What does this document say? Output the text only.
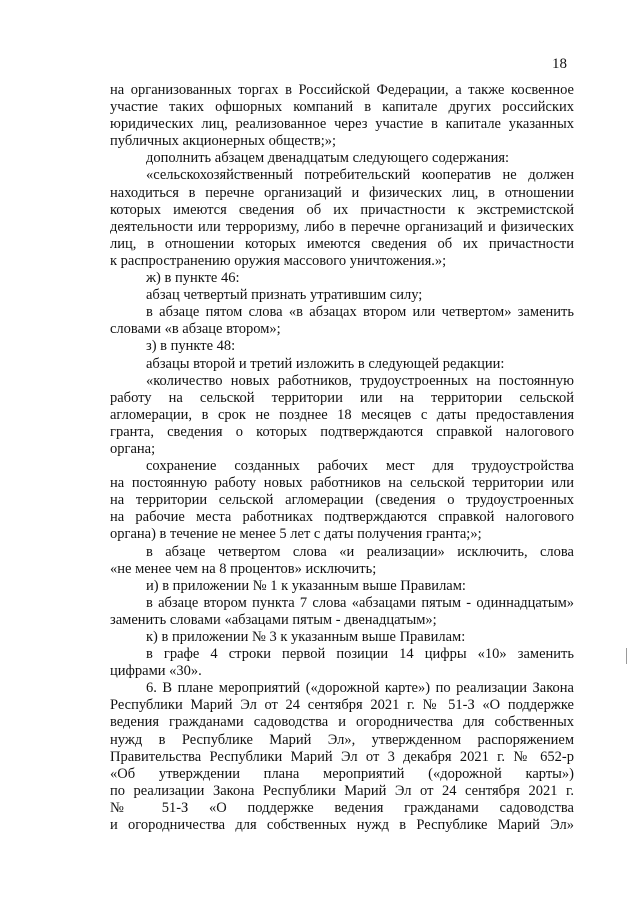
18
на организованных торгах в Российской Федерации, а также косвенное
участие таких офшорных компаний в капитале других российских
юридических лиц, реализованное через участие в капитале указанных
публичных акционерных обществ;»;
дополнить абзацем двенадцатым следующего содержания:
«сельскохозяйственный потребительский кооператив не должен
находиться в перечне организаций и физических лиц, в отношении
которых имеются сведения об их причастности к экстремистской
деятельности или терроризму, либо в перечне организаций и физических
лиц, в отношении которых имеются сведения об их причастности
к распространению оружия массового уничтожения.»;
ж) в пункте 46:
абзац четвертый признать утратившим силу;
в абзаце пятом слова «в абзацах втором или четвертом» заменить
словами «в абзаце втором»;
з) в пункте 48:
абзацы второй и третий изложить в следующей редакции:
«количество новых работников, трудоустроенных на постоянную
работу на сельской территории или на территории сельской
агломерации, в срок не позднее 18 месяцев с даты предоставления
гранта, сведения о которых подтверждаются справкой налогового
органа;
сохранение созданных рабочих мест для трудоустройства
на постоянную работу новых работников на сельской территории или
на территории сельской агломерации (сведения о трудоустроенных
на рабочие места работниках подтверждаются справкой налогового
органа) в течение не менее 5 лет с даты получения гранта;»;
в абзаце четвертом слова «и реализации» исключить, слова
«не менее чем на 8 процентов» исключить;
и) в приложении № 1 к указанным выше Правилам:
в абзаце втором пункта 7 слова «абзацами пятым - одиннадцатым»
заменить словами «абзацами пятым - двенадцатым»;
к) в приложении № 3 к указанным выше Правилам:
в графе 4 строки первой позиции 14 цифры «10» заменить
цифрами «30».
6. В плане мероприятий («дорожной карте») по реализации Закона
Республики Марий Эл от 24 сентября 2021 г. № 51-З «О поддержке
ведения гражданами садоводства и огородничества для собственных
нужд в Республике Марий Эл», утвержденном распоряжением
Правительства Республики Марий Эл от 3 декабря 2021 г. № 652-р
«Об утверждении плана мероприятий («дорожной карты»)
по реализации Закона Республики Марий Эл от 24 сентября 2021 г.
№ 51-З «О поддержке ведения гражданами садоводства
и огородничества для собственных нужд в Республике Марий Эл»
